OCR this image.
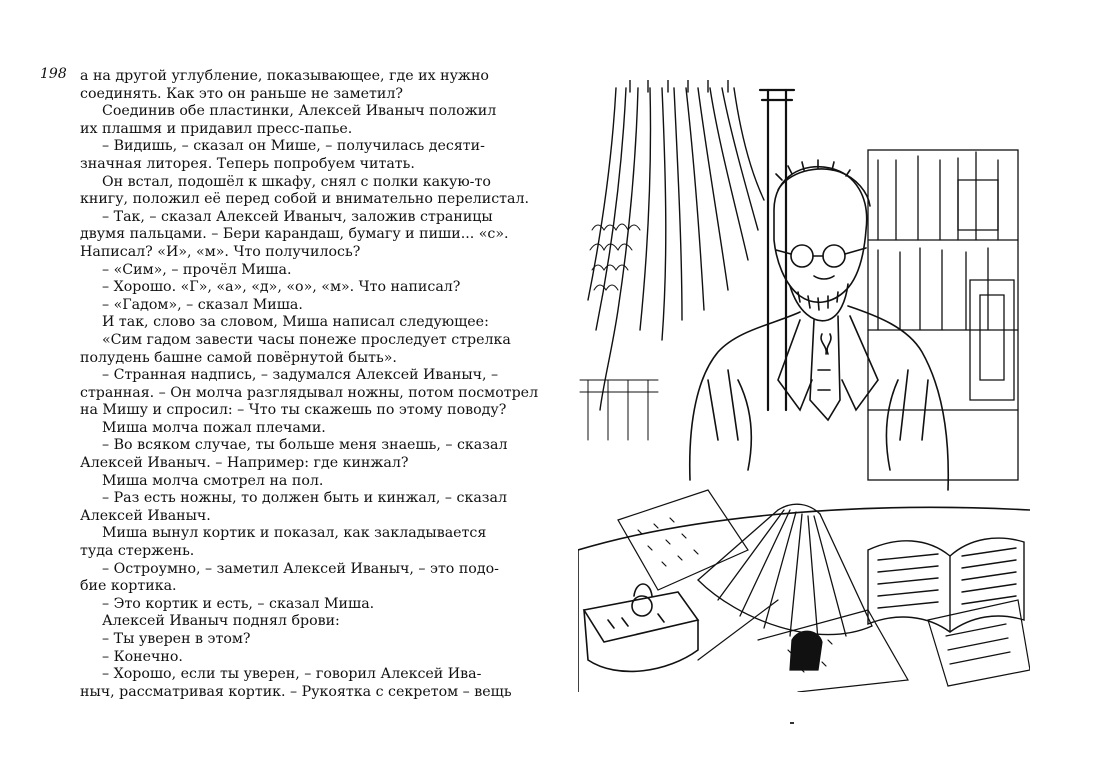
198 а на другой углубление, показывающее, где их нужно
соединять. Как это он раньше не заметил?
Соединив обе пластинки, Алексей Иваныч положил
их плашмя и придавил пресс-папье.
– Видишь, – сказал он Мише, – получилась десяти-
значная литорея. Теперь попробуем читать.
Он встал, подошёл к шкафу, снял с полки какую-то
книгу, положил её перед собой и внимательно перелистал.
– Так, – сказал Алексей Иваныч, заложив страницы
двумя пальцами. – Бери карандаш, бумагу и пиши... «с».
Написал? «И», «м». Что получилось?
– «Сим», – прочёл Миша.
– Хорошо. «Г», «а», «д», «о», «м». Что написал?
– «Гадом», – сказал Миша.
И так, слово за словом, Миша написал следующее:
«Сим гадом завести часы понеже проследует стрелка
полудень башне самой повёрнутой быть».
– Странная надпись, – задумался Алексей Иваныч, –
странная. – Он молча разглядывал ножны, потом посмотрел
на Мишу и спросил: – Что ты скажешь по этому поводу?
Миша молча пожал плечами.
– Во всяком случае, ты больше меня знаешь, – сказал
Алексей Иваныч. – Например: где кинжал?
Миша молча смотрел на пол.
– Раз есть ножны, то должен быть и кинжал, – сказал
Алексей Иваныч.
Миша вынул кортик и показал, как закладывается
туда стержень.
– Остроумно, – заметил Алексей Иваныч, – это подо-
бие кортика.
– Это кортик и есть, – сказал Миша.
Алексей Иваныч поднял брови:
– Ты уверен в этом?
– Конечно.
– Хорошо, если ты уверен, – говорил Алексей Ива-
ныч, рассматривая кортик. – Рукоятка с секретом – вещь
